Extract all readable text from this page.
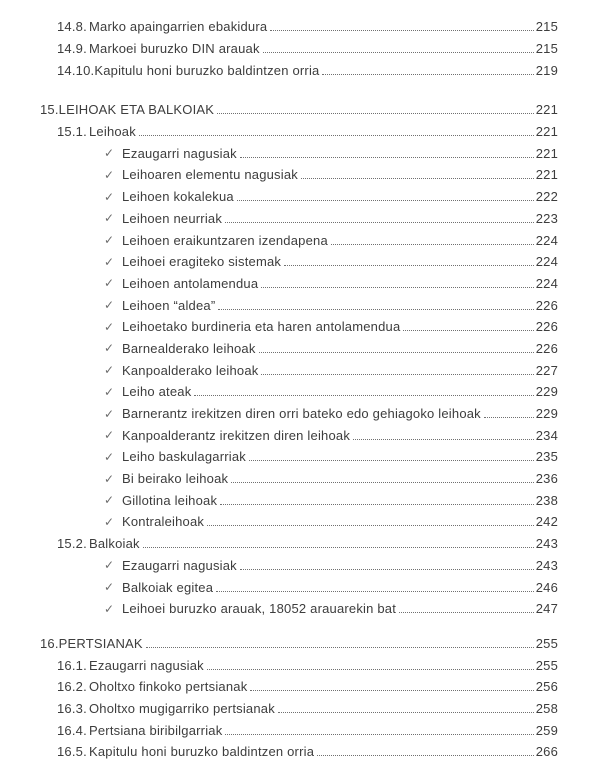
14.8. Marko apaingarrien ebakidura	215
14.9. Markoei buruzko DIN arauak	215
14.10. Kapitulu honi buruzko baldintzen orria	219
15. LEIHOAK ETA BALKOIAK	221
15.1. Leihoak	221
✓ Ezaugarri nagusiak	221
✓ Leihoaren elementu nagusiak	221
✓ Leihoen kokalekua	222
✓ Leihoen neurriak	223
✓ Leihoen eraikuntzaren izendapena	224
✓ Leihoei eragiteko sistemak	224
✓ Leihoen antolamendua	224
✓ Leihoen “aldea”	226
✓ Leihoetako burdineria eta haren antolamendua	226
✓ Barnealderako leihoak	226
✓ Kanpoalderako leihoak	227
✓ Leiho ateak	229
✓ Barnerantz irekitzen diren orri bateko edo gehiagoko leihoak	229
✓ Kanpoalderantz irekitzen diren leihoak	234
✓ Leiho baskulagarriak	235
✓ Bi beirako leihoak	236
✓ Gillotina leihoak	238
✓ Kontraleihoak	242
15.2. Balkoiak	243
✓ Ezaugarri nagusiak	243
✓ Balkoiak egitea	246
✓ Leihoei buruzko arauak, 18052 arauarekin bat	247
16. PERTSIANAK	255
16.1. Ezaugarri nagusiak	255
16.2. Oholtxo finkoko pertsianak	256
16.3. Oholtxo mugigarriko pertsianak	258
16.4. Pertsiana biribilgarriak	259
16.5. Kapitulu honi buruzko baldintzen orria	266
